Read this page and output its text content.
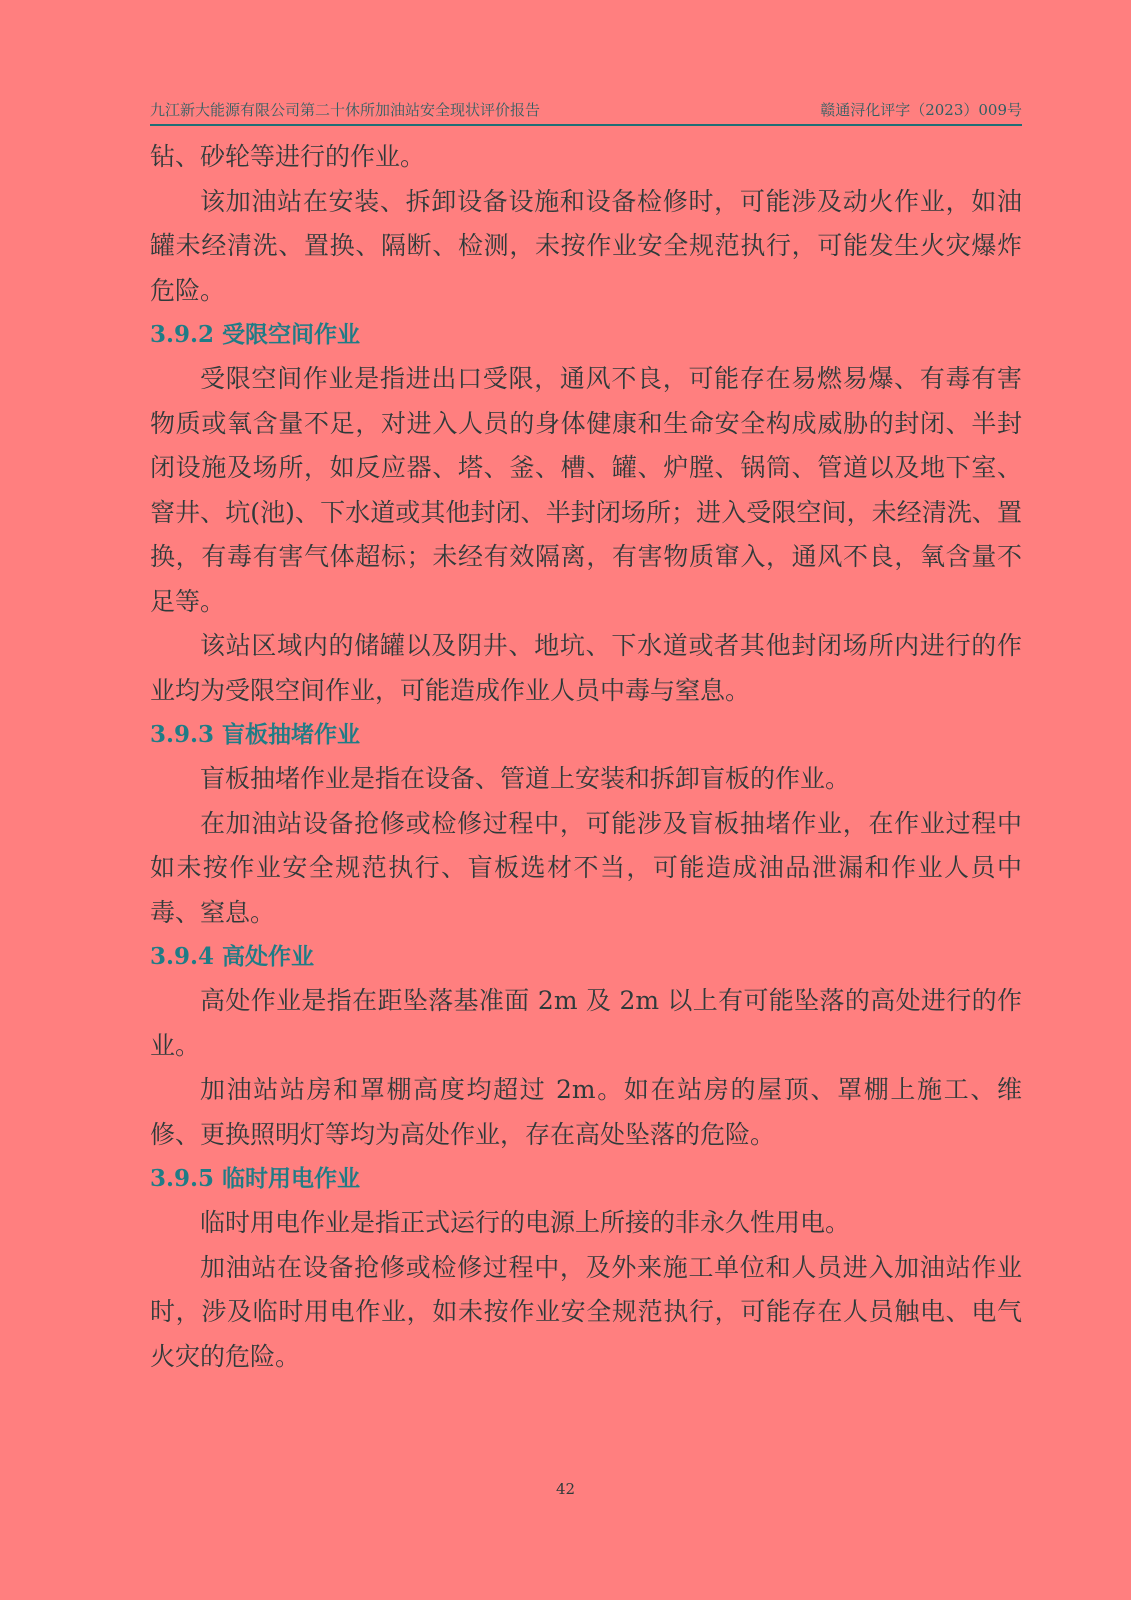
九江新大能源有限公司第二十休所加油站安全现状评价报告	赣通浔化评字（2023）009号

钻、砂轮等进行的作业。

该加油站在安装、拆卸设备设施和设备检修时，可能涉及动火作业，如油罐未经清洗、置换、隔断、检测，未按作业安全规范执行，可能发生火灾爆炸危险。

3.9.2 受限空间作业

受限空间作业是指进出口受限，通风不良，可能存在易燃易爆、有毒有害物质或氧含量不足，对进入人员的身体健康和生命安全构成威胁的封闭、半封闭设施及场所，如反应器、塔、釜、槽、罐、炉膛、锅筒、管道以及地下室、窨井、坑(池)、下水道或其他封闭、半封闭场所；进入受限空间，未经清洗、置换，有毒有害气体超标；未经有效隔离，有害物质窜入，通风不良，氧含量不足等。

该站区域内的储罐以及阴井、地坑、下水道或者其他封闭场所内进行的作业均为受限空间作业，可能造成作业人员中毒与窒息。

3.9.3 盲板抽堵作业

盲板抽堵作业是指在设备、管道上安装和拆卸盲板的作业。

在加油站设备抢修或检修过程中，可能涉及盲板抽堵作业，在作业过程中如未按作业安全规范执行、盲板选材不当，可能造成油品泄漏和作业人员中毒、窒息。

3.9.4 高处作业

高处作业是指在距坠落基准面 2m 及 2m 以上有可能坠落的高处进行的作业。

加油站站房和罩棚高度均超过 2m。如在站房的屋顶、罩棚上施工、维修、更换照明灯等均为高处作业，存在高处坠落的危险。

3.9.5 临时用电作业

临时用电作业是指正式运行的电源上所接的非永久性用电。

加油站在设备抢修或检修过程中，及外来施工单位和人员进入加油站作业时，涉及临时用电作业，如未按作业安全规范执行，可能存在人员触电、电气火灾的危险。

42
